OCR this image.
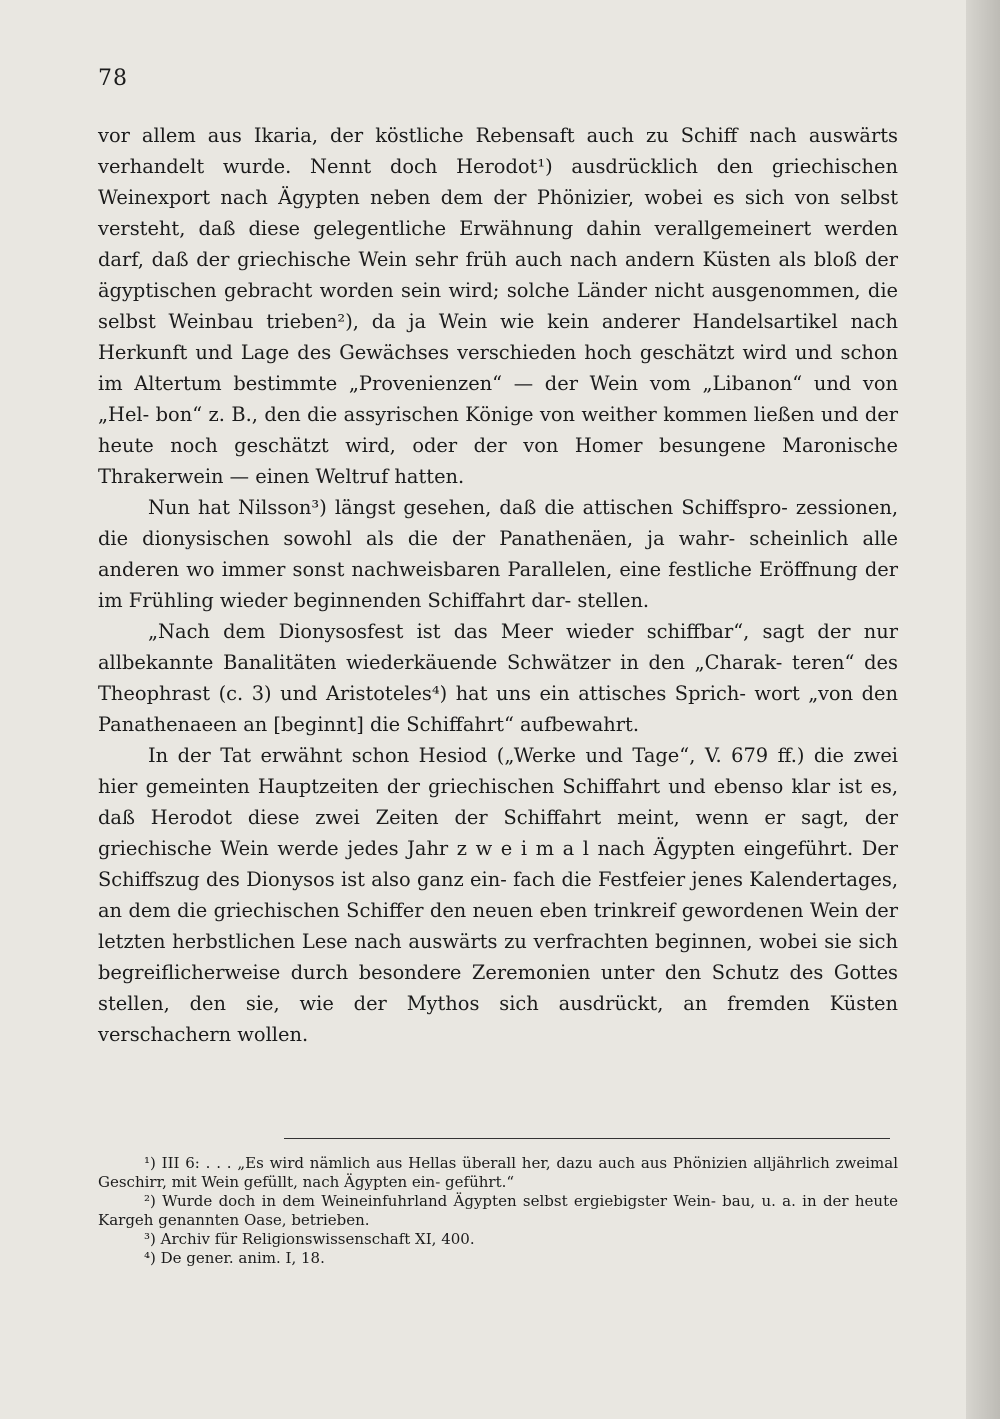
78

vor allem aus Ikaria, der köstliche Rebensaft auch zu Schiff nach auswärts verhandelt wurde. Nennt doch Herodot¹) ausdrücklich den griechischen Weinexport nach Ägypten neben dem der Phönizier, wobei es sich von selbst versteht, daß diese gelegentliche Erwähnung dahin verallgemeinert werden darf, daß der griechische Wein sehr früh auch nach andern Küsten als bloß der ägyptischen gebracht worden sein wird; solche Länder nicht ausgenommen, die selbst Weinbau trieben²), da ja Wein wie kein anderer Handelsartikel nach Herkunft und Lage des Gewächses verschieden hoch geschätzt wird und schon im Altertum bestimmte „Provenienzen“ — der Wein vom „Libanon“ und von „Hel- bon“ z. B., den die assyrischen Könige von weither kommen ließen und der heute noch geschätzt wird, oder der von Homer besungene Maronische Thrakerwein — einen Weltruf hatten.

Nun hat Nilsson³) längst gesehen, daß die attischen Schiffspro- zessionen, die dionysischen sowohl als die der Panathenäen, ja wahr- scheinlich alle anderen wo immer sonst nachweisbaren Parallelen, eine festliche Eröffnung der im Frühling wieder beginnenden Schiffahrt dar- stellen.

„Nach dem Dionysosfest ist das Meer wieder schiffbar“, sagt der nur allbekannte Banalitäten wiederkäuende Schwätzer in den „Charak- teren“ des Theophrast (c. 3) und Aristoteles⁴) hat uns ein attisches Sprich- wort „von den Panathenaeen an [beginnt] die Schiffahrt“ aufbewahrt.

In der Tat erwähnt schon Hesiod („Werke und Tage“, V. 679 ff.) die zwei hier gemeinten Hauptzeiten der griechischen Schiffahrt und ebenso klar ist es, daß Herodot diese zwei Zeiten der Schiffahrt meint, wenn er sagt, der griechische Wein werde jedes Jahr z w e i m a l nach Ägypten eingeführt. Der Schiffszug des Dionysos ist also ganz ein- fach die Festfeier jenes Kalendertages, an dem die griechischen Schiffer den neuen eben trinkreif gewordenen Wein der letzten herbstlichen Lese nach auswärts zu verfrachten beginnen, wobei sie sich begreiflicherweise durch besondere Zeremonien unter den Schutz des Gottes stellen, den sie, wie der Mythos sich ausdrückt, an fremden Küsten verschachern wollen.

¹) III 6: . . . „Es wird nämlich aus Hellas überall her, dazu auch aus Phönizien alljährlich zweimal Geschirr, mit Wein gefüllt, nach Ägypten ein- geführt.“

²) Wurde doch in dem Weineinfuhrland Ägypten selbst ergiebigster Wein- bau, u. a. in der heute Kargeh genannten Oase, betrieben.

³) Archiv für Religionswissenschaft XI, 400.

⁴) De gener. anim. I, 18.
